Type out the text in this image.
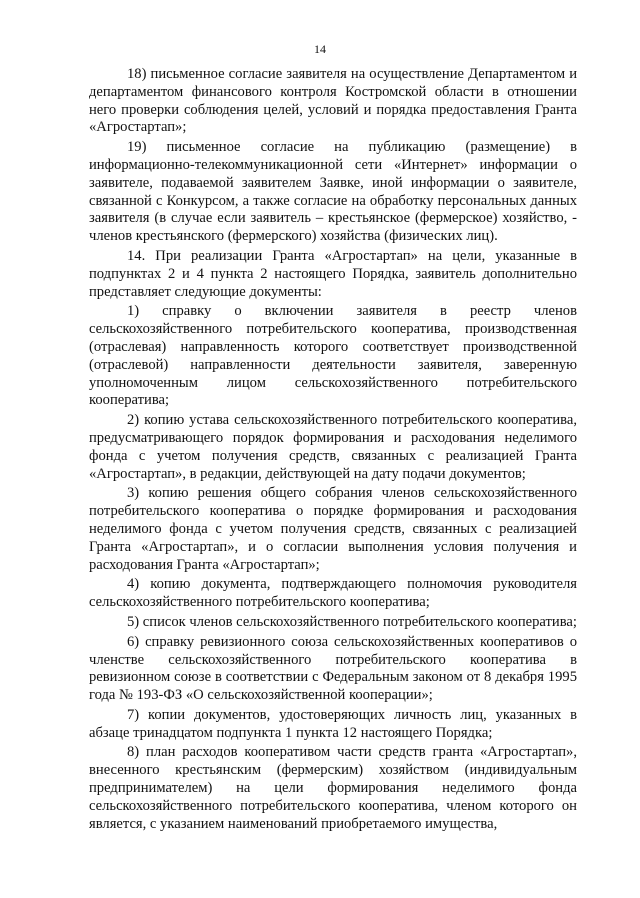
14

18) письменное согласие заявителя на осуществление Департаментом и департаментом финансового контроля Костромской области в отношении него проверки соблюдения целей, условий и порядка предоставления Гранта «Агростартап»;

19) письменное согласие на публикацию (размещение) в информационно-телекоммуникационной сети «Интернет» информации о заявителе, подаваемой заявителем Заявке, иной информации о заявителе, связанной с Конкурсом, а также согласие на обработку персональных данных заявителя (в случае если заявитель – крестьянское (фермерское) хозяйство, - членов крестьянского (фермерского) хозяйства (физических лиц).

14. При реализации Гранта «Агростартап» на цели, указанные в подпунктах 2 и 4 пункта 2 настоящего Порядка, заявитель дополнительно представляет следующие документы:

1) справку о включении заявителя в реестр членов сельскохозяйственного потребительского кооператива, производственная (отраслевая) направленность которого соответствует производственной (отраслевой) направленности деятельности заявителя, заверенную уполномоченным лицом сельскохозяйственного потребительского кооператива;

2) копию устава сельскохозяйственного потребительского кооператива, предусматривающего порядок формирования и расходования неделимого фонда с учетом получения средств, связанных с реализацией Гранта «Агростартап», в редакции, действующей на дату подачи документов;

3) копию решения общего собрания членов сельскохозяйственного потребительского кооператива о порядке формирования и расходования неделимого фонда с учетом получения средств, связанных с реализацией Гранта «Агростартап», и о согласии выполнения условия получения и расходования Гранта «Агростартап»;

4) копию документа, подтверждающего полномочия руководителя сельскохозяйственного потребительского кооператива;

5) список членов сельскохозяйственного потребительского кооператива;

6) справку ревизионного союза сельскохозяйственных кооперативов о членстве сельскохозяйственного потребительского кооператива в ревизионном союзе в соответствии с Федеральным законом от 8 декабря 1995 года № 193-ФЗ «О сельскохозяйственной кооперации»;

7) копии документов, удостоверяющих личность лиц, указанных в абзаце тринадцатом подпункта 1 пункта 12 настоящего Порядка;

8) план расходов кооперативом части средств гранта «Агростартап», внесенного крестьянским (фермерским) хозяйством (индивидуальным предпринимателем) на цели формирования неделимого фонда сельскохозяйственного потребительского кооператива, членом которого он является, с указанием наименований приобретаемого имущества,
